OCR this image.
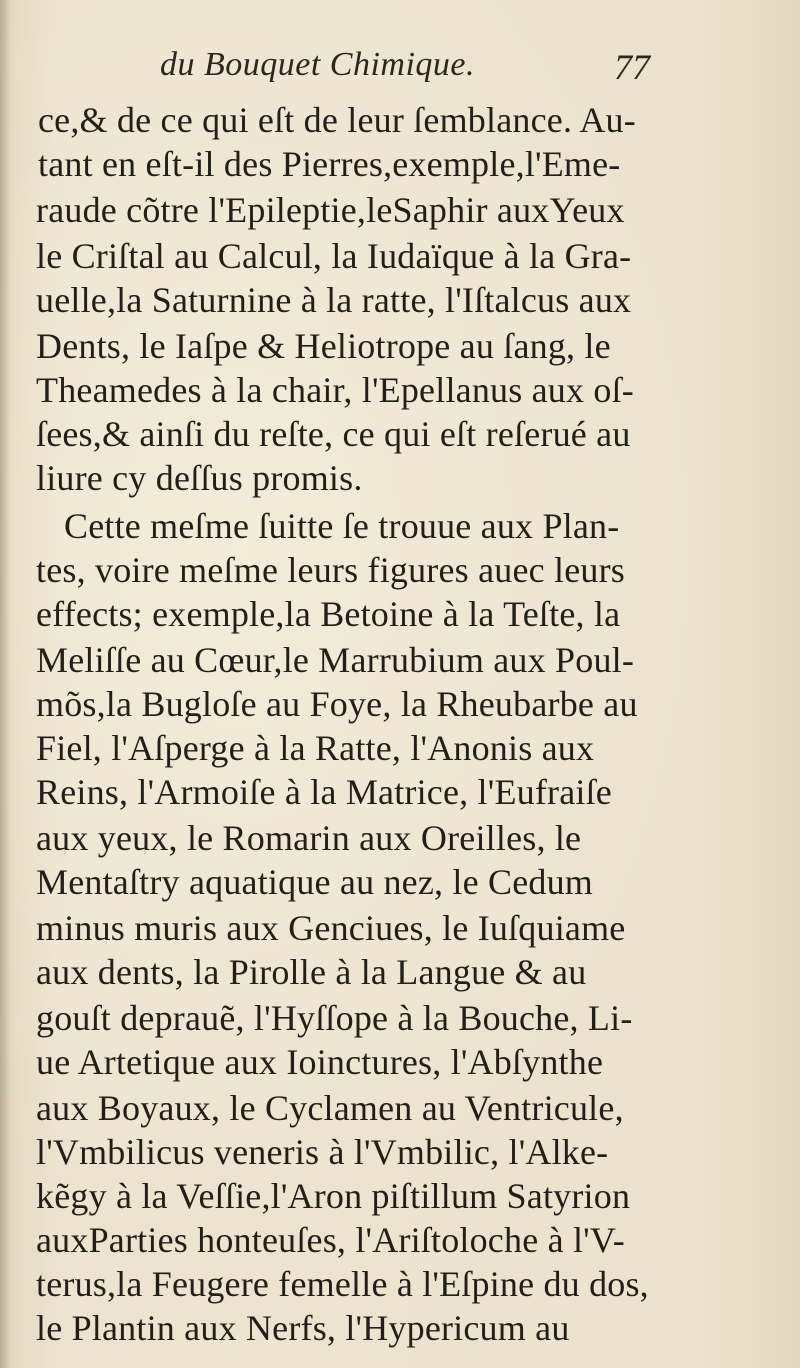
du Bouquet Chimique.	77
ce,& de ce qui eſt de leur ſemblance. Au-
tant en eſt-il des Pierres,exemple,l'Eme-
raude cõtre l'Epileptie,leSaphir auxYeux
le Criſtal au Calcul, la Iudaïque à la Gra-
uelle,la Saturnine à la ratte, l'Iſtalcus aux
Dents, le Iaſpe & Heliotrope au ſang, le
Theamedes à la chair, l'Epellanus aux oſ-
ſees,& ainſi du reſte, ce qui eſt reſerué au
liure cy deſſus promis.
Cette meſme ſuitte ſe trouue aux Plan-
tes, voire meſme leurs figures auec leurs
effects; exemple,la Betoine à la Teſte, la
Meliſſe au Cœur,le Marrubium aux Poul-
mõs,la Bugloſe au Foye, la Rheubarbe au
Fiel, l'Aſperge à la Ratte, l'Anonis aux
Reins, l'Armoiſe à la Matrice, l'Eufraiſe
aux yeux, le Romarin aux Oreilles, le
Mentaſtry aquatique au nez, le Cedum
minus muris aux Genciues, le Iuſquiame
aux dents, la Pirolle à la Langue & au
gouſt deprauẽ, l'Hyſſope à la Bouche, Li-
ue Artetique aux Ioinctures, l'Abſynthe
aux Boyaux, le Cyclamen au Ventricule,
l'Vmbilicus veneris à l'Vmbilic, l'Alke-
kẽgy à la Veſſie,l'Aron piſtillum Satyrion
auxParties honteuſes, l'Ariſtoloche à l'V-
terus,la Feugere femelle à l'Eſpine du dos,
le Plantin aux Nerfs, l'Hypericum au
